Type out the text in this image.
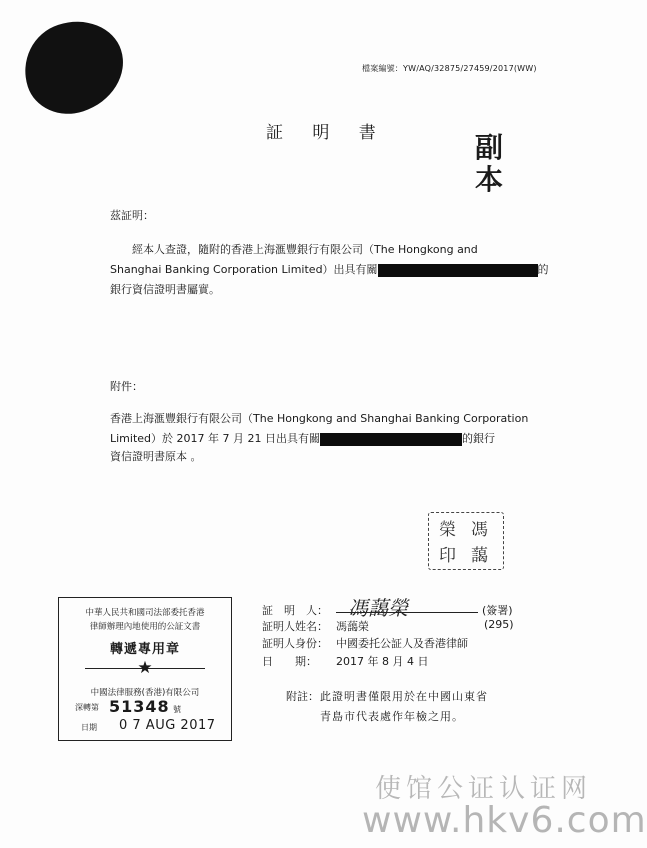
檔案編號：YW/AQ/32875/27459/2017(WW)
証 明 書	副本
茲証明：
經本人查證，隨附的香港上海滙豐銀行有限公司（The Hongkong and
Shanghai Banking Corporation Limited）出具有關	的
銀行資信證明書屬實。
附件：
香港上海滙豐銀行有限公司（The Hongkong and Shanghai Banking Corporation
Limited）於 2017 年 7 月 21 日出具有關	的銀行
資信證明書原本 。
馮
藹
榮
印
中華人民共和國司法部委托香港
律師辦理內地使用的公証文書
轉遞專用章
★
中國法律服務(香港)有限公司
深轉第 51348 號
日期 0 7 AUG 2017
証　明　人： 馮藹榮	(簽署)
証明人姓名： 馮藹榮	(295)
証明人身份： 中國委托公証人及香港律師
日　　期： 2017 年 8 月 4 日
附註： 此證明書僅限用於在中國山東省
青島市代表處作年檢之用。
使馆公证认证网
www.hkv6.com
